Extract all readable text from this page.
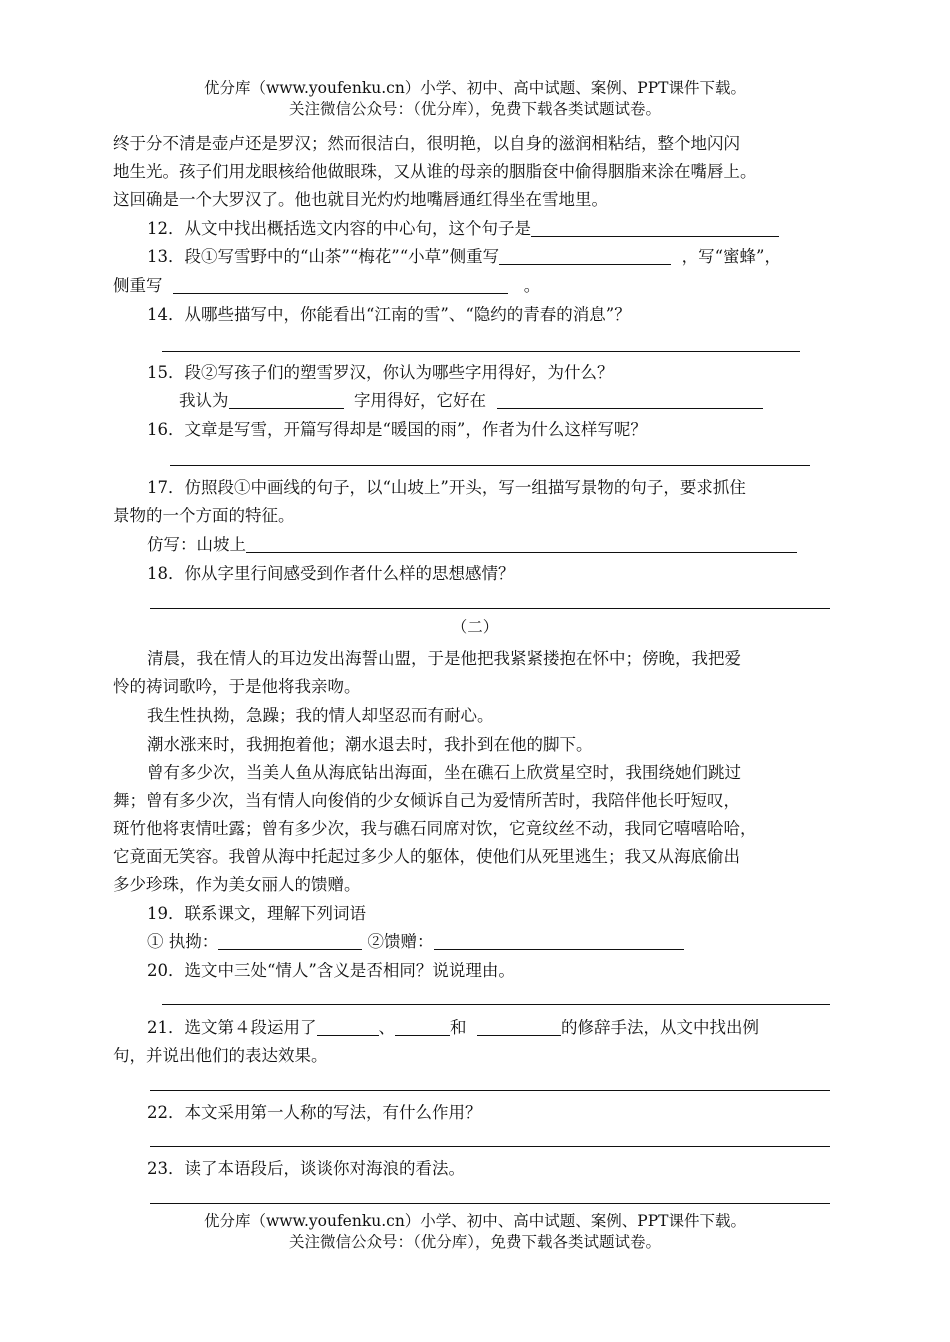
优分库（www.youfenku.cn）小学、初中、高中试题、案例、PPT课件下载。
关注微信公众号：（优分库），免费下载各类试题试卷。
终于分不清是壶卢还是罗汉；然而很洁白，很明艳，以自身的滋润相粘结，整个地闪闪
地生光。孩子们用龙眼核给他做眼珠，又从谁的母亲的胭脂奁中偷得胭脂来涂在嘴唇上。
这回确是一个大罗汉了。他也就目光灼灼地嘴唇通红得坐在雪地里。
12．从文中找出概括选文内容的中心句，这个句子是
13．段①写雪野中的“山茶”“梅花”“小草”侧重写	，写“蜜蜂”，
侧重写	。
14．从哪些描写中，你能看出“江南的雪”、“隐约的青春的消息”？
15．段②写孩子们的塑雪罗汉，你认为哪些字用得好，为什么？
我认为	字用得好，它好在
16．文章是写雪，开篇写得却是“暖国的雨”，作者为什么这样写呢？
17．仿照段①中画线的句子，以“山坡上”开头，写一组描写景物的句子，要求抓住
景物的一个方面的特征。
仿写：山坡上
18．你从字里行间感受到作者什么样的思想感情？
（二）
清晨，我在情人的耳边发出海誓山盟，于是他把我紧紧搂抱在怀中；傍晚，我把爱
怜的祷词歌吟，于是他将我亲吻。
我生性执拗，急躁；我的情人却坚忍而有耐心。
潮水涨来时，我拥抱着他；潮水退去时，我扑到在他的脚下。
曾有多少次，当美人鱼从海底钻出海面，坐在礁石上欣赏星空时，我围绕她们跳过
舞；曾有多少次，当有情人向俊俏的少女倾诉自己为爱情所苦时，我陪伴他长吁短叹，
斑竹他将衷情吐露；曾有多少次，我与礁石同席对饮，它竟纹丝不动，我同它嘻嘻哈哈，
它竟面无笑容。我曾从海中托起过多少人的躯体，使他们从死里逃生；我又从海底偷出
多少珍珠，作为美女丽人的馈赠。
19．联系课文，理解下列词语
① 执拗：	②馈赠：
20．选文中三处“情人”含义是否相同？说说理由。
21．选文第４段运用了	、	和	的修辞手法，从文中找出例
句，并说出他们的表达效果。
22．本文采用第一人称的写法，有什么作用？
23．读了本语段后，谈谈你对海浪的看法。
优分库（www.youfenku.cn）小学、初中、高中试题、案例、PPT课件下载。
关注微信公众号：（优分库），免费下载各类试题试卷。
